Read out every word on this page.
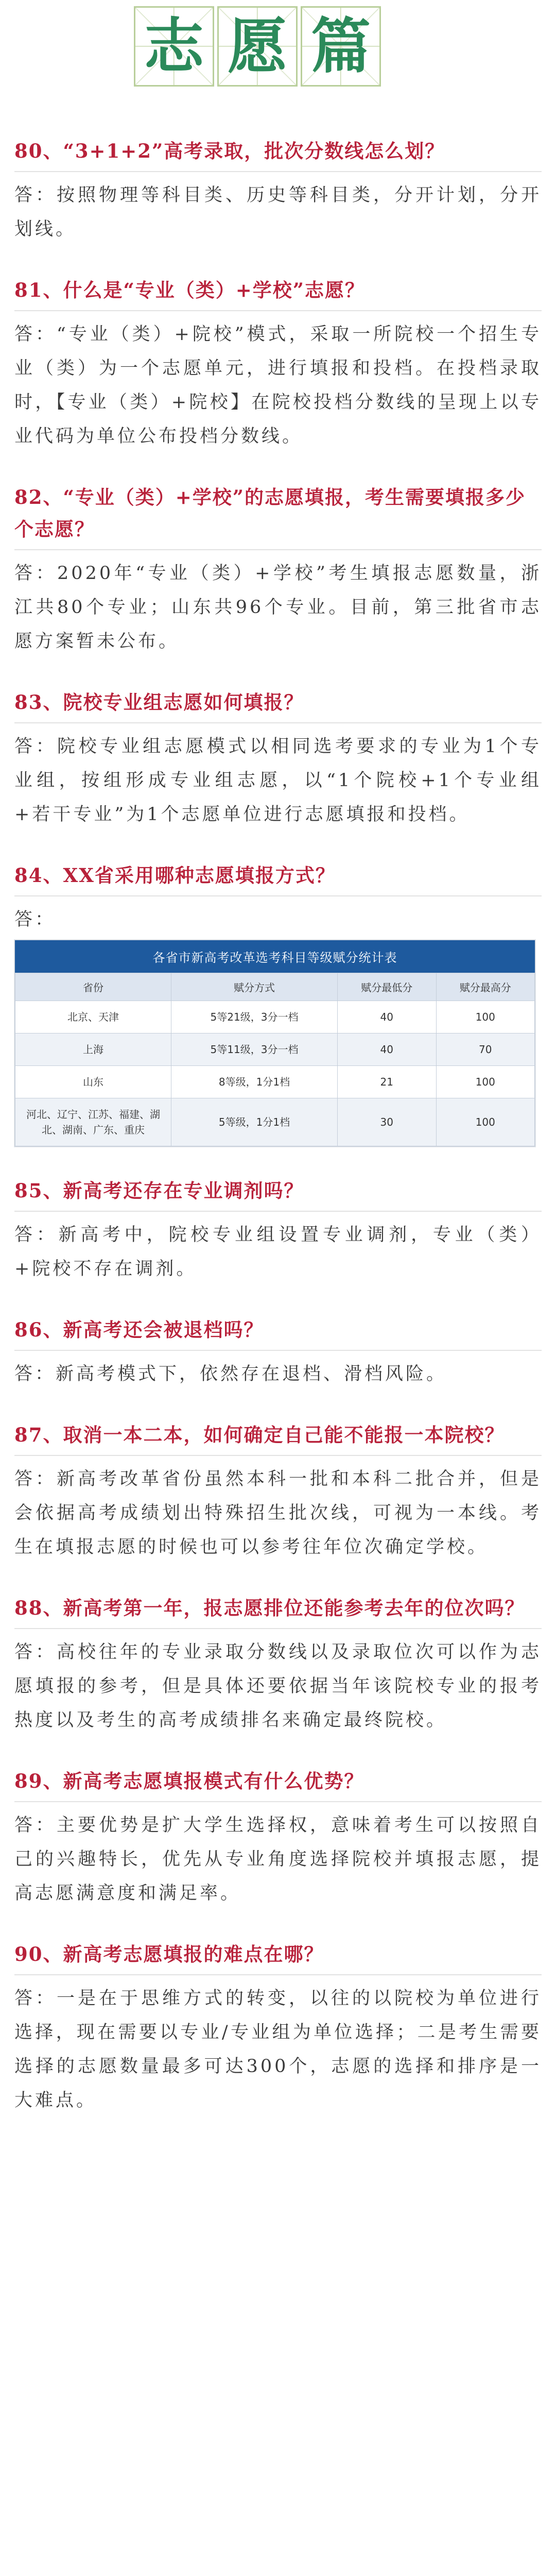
志 愿 篇

80、“3+1+2”高考录取，批次分数线怎么划？

答：按照物理等科目类、历史等科目类，分开计划，分开划线。

81、什么是“专业（类）+学校”志愿？

答：“专业（类）+院校”模式，采取一所院校一个招生专业（类）为一个志愿单元，进行填报和投档。在投档录取时，【专业（类）+院校】在院校投档分数线的呈现上以专业代码为单位公布投档分数线。

82、“专业（类）+学校”的志愿填报，考生需要填报多少个志愿？

答：2020年“专业（类）+学校”考生填报志愿数量，浙江共80个专业；山东共96个专业。目前，第三批省市志愿方案暂未公布。

83、院校专业组志愿如何填报？

答：院校专业组志愿模式以相同选考要求的专业为1个专业组，按组形成专业组志愿，以“1个院校+1个专业组+若干专业”为1个志愿单位进行志愿填报和投档。

84、XX省采用哪种志愿填报方式？

答：

各省市新高考改革选考科目等级赋分统计表
省份	赋分方式	赋分最低分	赋分最高分
北京、天津	5等21级，3分一档	40	100
上海	5等11级，3分一档	40	70
山东	8等级，1分1档	21	100
河北、辽宁、江苏、福建、湖北、湖南、广东、重庆	5等级，1分1档	30	100

85、新高考还存在专业调剂吗？

答：新高考中，院校专业组设置专业调剂，专业（类）+院校不存在调剂。

86、新高考还会被退档吗？

答：新高考模式下，依然存在退档、滑档风险。

87、取消一本二本，如何确定自己能不能报一本院校？

答：新高考改革省份虽然本科一批和本科二批合并，但是会依据高考成绩划出特殊招生批次线，可视为一本线。考生在填报志愿的时候也可以参考往年位次确定学校。

88、新高考第一年，报志愿排位还能参考去年的位次吗？

答：高校往年的专业录取分数线以及录取位次可以作为志愿填报的参考，但是具体还要依据当年该院校专业的报考热度以及考生的高考成绩排名来确定最终院校。

89、新高考志愿填报模式有什么优势？

答：主要优势是扩大学生选择权，意味着考生可以按照自己的兴趣特长，优先从专业角度选择院校并填报志愿，提高志愿满意度和满足率。

90、新高考志愿填报的难点在哪？

答：一是在于思维方式的转变，以往的以院校为单位进行选择，现在需要以专业/专业组为单位选择；二是考生需要选择的志愿数量最多可达300个，志愿的选择和排序是一大难点。
